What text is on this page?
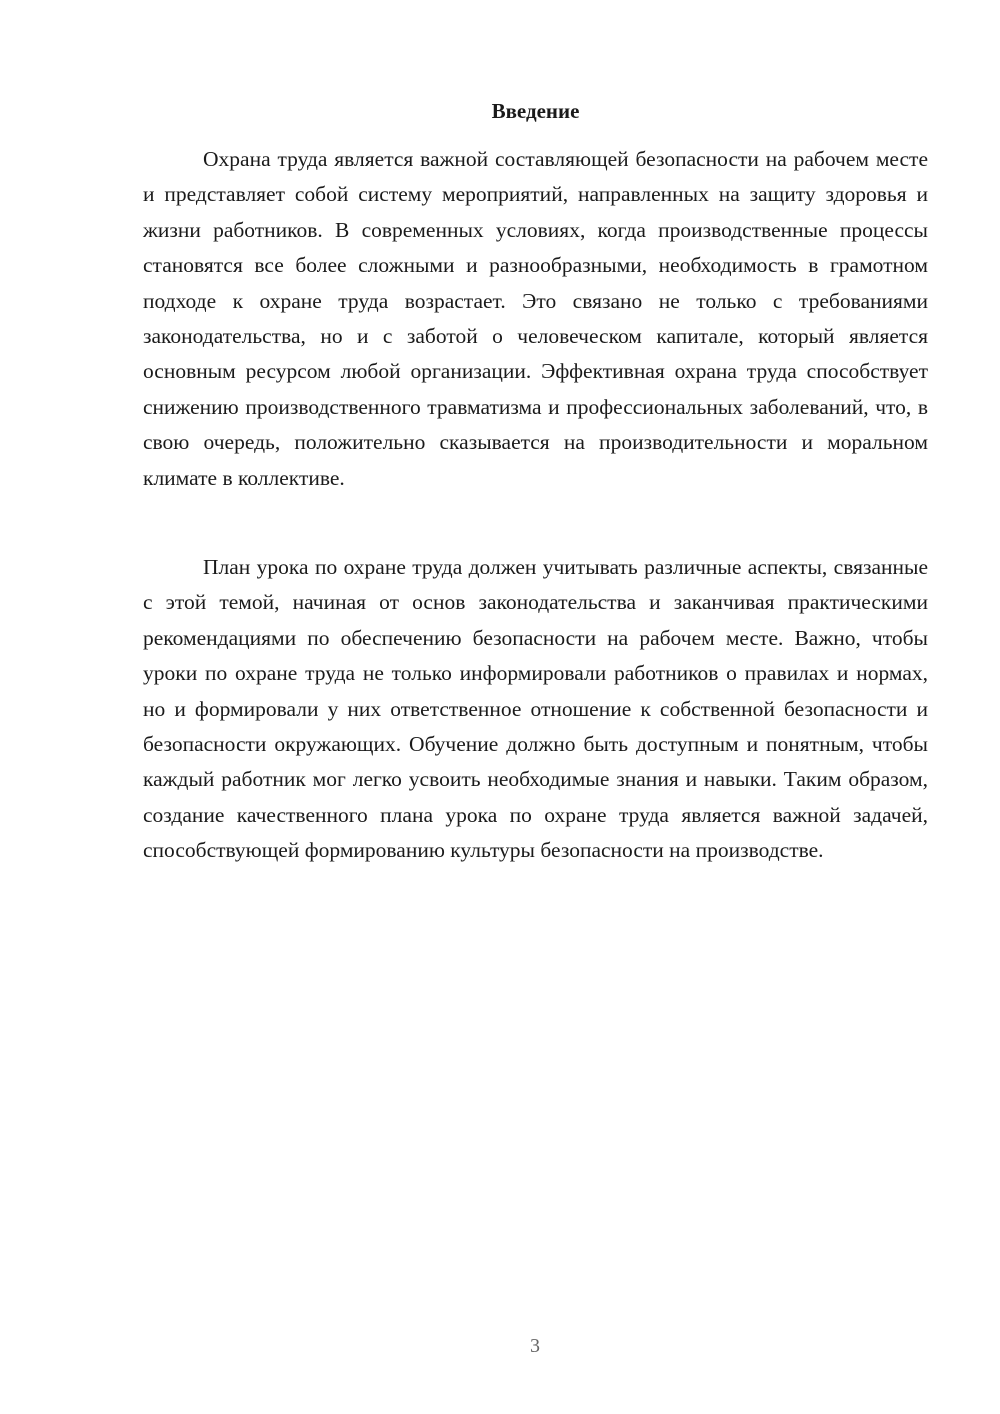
Введение

Охрана труда является важной составляющей безопасности на рабочем месте и представляет собой систему мероприятий, направленных на защиту здоровья и жизни работников. В современных условиях, когда производственные процессы становятся все более сложными и разнообразными, необходимость в грамотном подходе к охране труда возрастает. Это связано не только с требованиями законодательства, но и с заботой о человеческом капитале, который является основным ресурсом любой организации. Эффективная охрана труда способствует снижению производственного травматизма и профессиональных заболеваний, что, в свою очередь, положительно сказывается на производительности и моральном климате в коллективе.

План урока по охране труда должен учитывать различные аспекты, связанные с этой темой, начиная от основ законодательства и заканчивая практическими рекомендациями по обеспечению безопасности на рабочем месте. Важно, чтобы уроки по охране труда не только информировали работников о правилах и нормах, но и формировали у них ответственное отношение к собственной безопасности и безопасности окружающих. Обучение должно быть доступным и понятным, чтобы каждый работник мог легко усвоить необходимые знания и навыки. Таким образом, создание качественного плана урока по охране труда является важной задачей, способствующей формированию культуры безопасности на производстве.

3
